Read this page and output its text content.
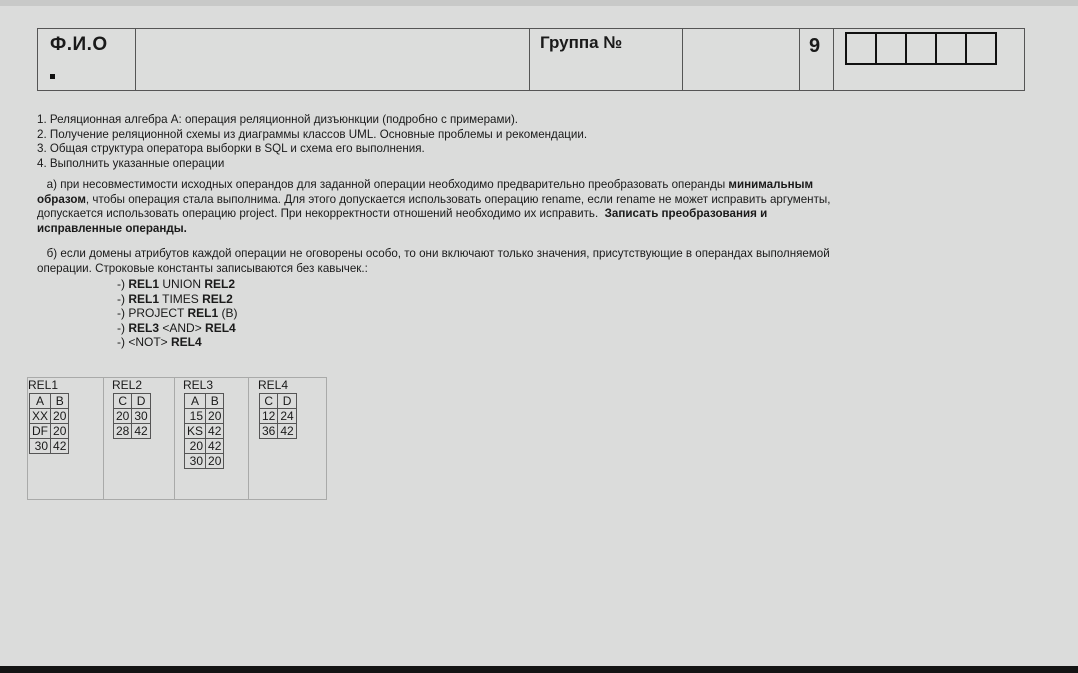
Ф.И.О	Группа №	9
1. Реляционная алгебра A: операция реляционной дизъюнкции (подробно с примерами).
2. Получение реляционной схемы из диаграммы классов UML. Основные проблемы и рекомендации.
3. Общая структура оператора выборки в SQL и схема его выполнения.
4. Выполнить указанные операции
а) при несовместимости исходных операндов для заданной операции необходимо предварительно преобразовать операнды минимальным
образом, чтобы операция стала выполнима. Для этого допускается использовать операцию rename, если rename не может исправить аргументы,
допускается использовать операцию project. При некорректности отношений необходимо их исправить.  Записать преобразования и
исправленные операнды.
б) если домены атрибутов каждой операции не оговорены особо, то они включают только значения, присутствующие в операндах выполняемой
операции. Строковые константы записываются без кавычек.:
-) REL1 UNION REL2
-) REL1 TIMES REL2
-) PROJECT REL1 (B)
-) REL3 <AND> REL4
-) <NOT> REL4
REL1
A	B
XX	20
DF	20
30	42
REL2
C	D
20	30
28	42
REL3
A	B
15	20
KS	42
20	42
30	20
REL4
C	D
12	24
36	42
